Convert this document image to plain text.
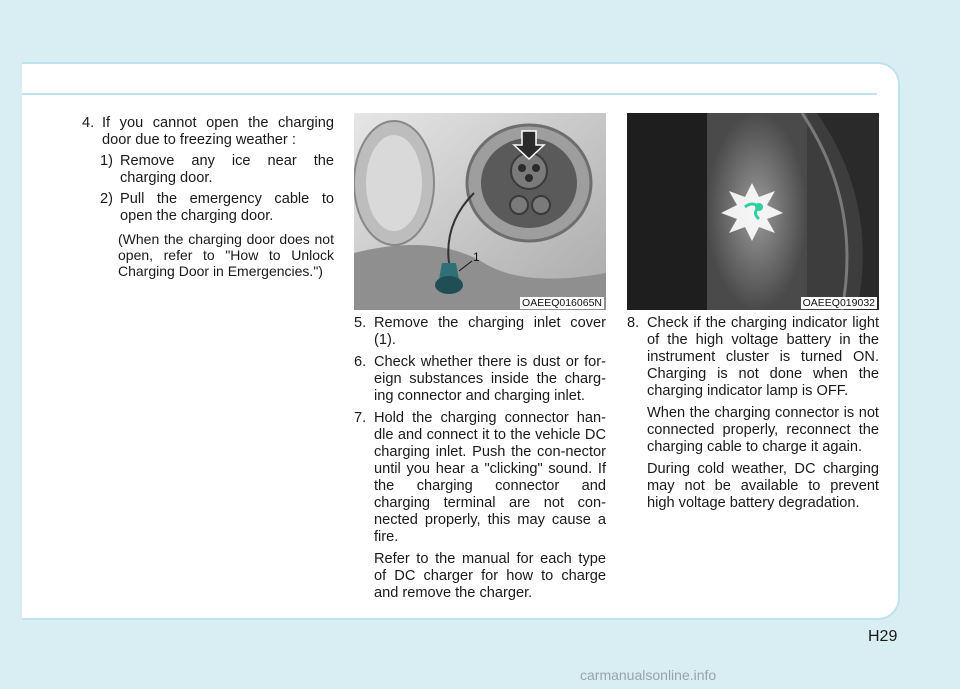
4. If you cannot open the charging door due to freezing weather :
1) Remove any ice near the charging door.
2) Pull the emergency cable to open the charging door.
(When the charging door does not open, refer to "How to Unlock Charging Door in Emergencies.")
1
OAEEQ016065N	OAEEQ019032
5. Remove the charging inlet cover (1).
6. Check whether there is dust or for-eign substances inside the charg-ing connector and charging inlet.
7. Hold the charging connector han-dle and connect it to the vehicle DC charging inlet. Push the con-nector until you hear a "clicking" sound. If the charging connector and charging terminal are not con-nected properly, this may cause a fire.
Refer to the manual for each type of DC charger for how to charge and remove the charger.
8. Check if the charging indicator light of the high voltage battery in the instrument cluster is turned ON. Charging is not done when the charging indicator lamp is OFF.
When the charging connector is not connected properly, reconnect the charging cable to charge it again.
During cold weather, DC charging may not be available to prevent high voltage battery degradation.
H29
carmanualsonline.info
